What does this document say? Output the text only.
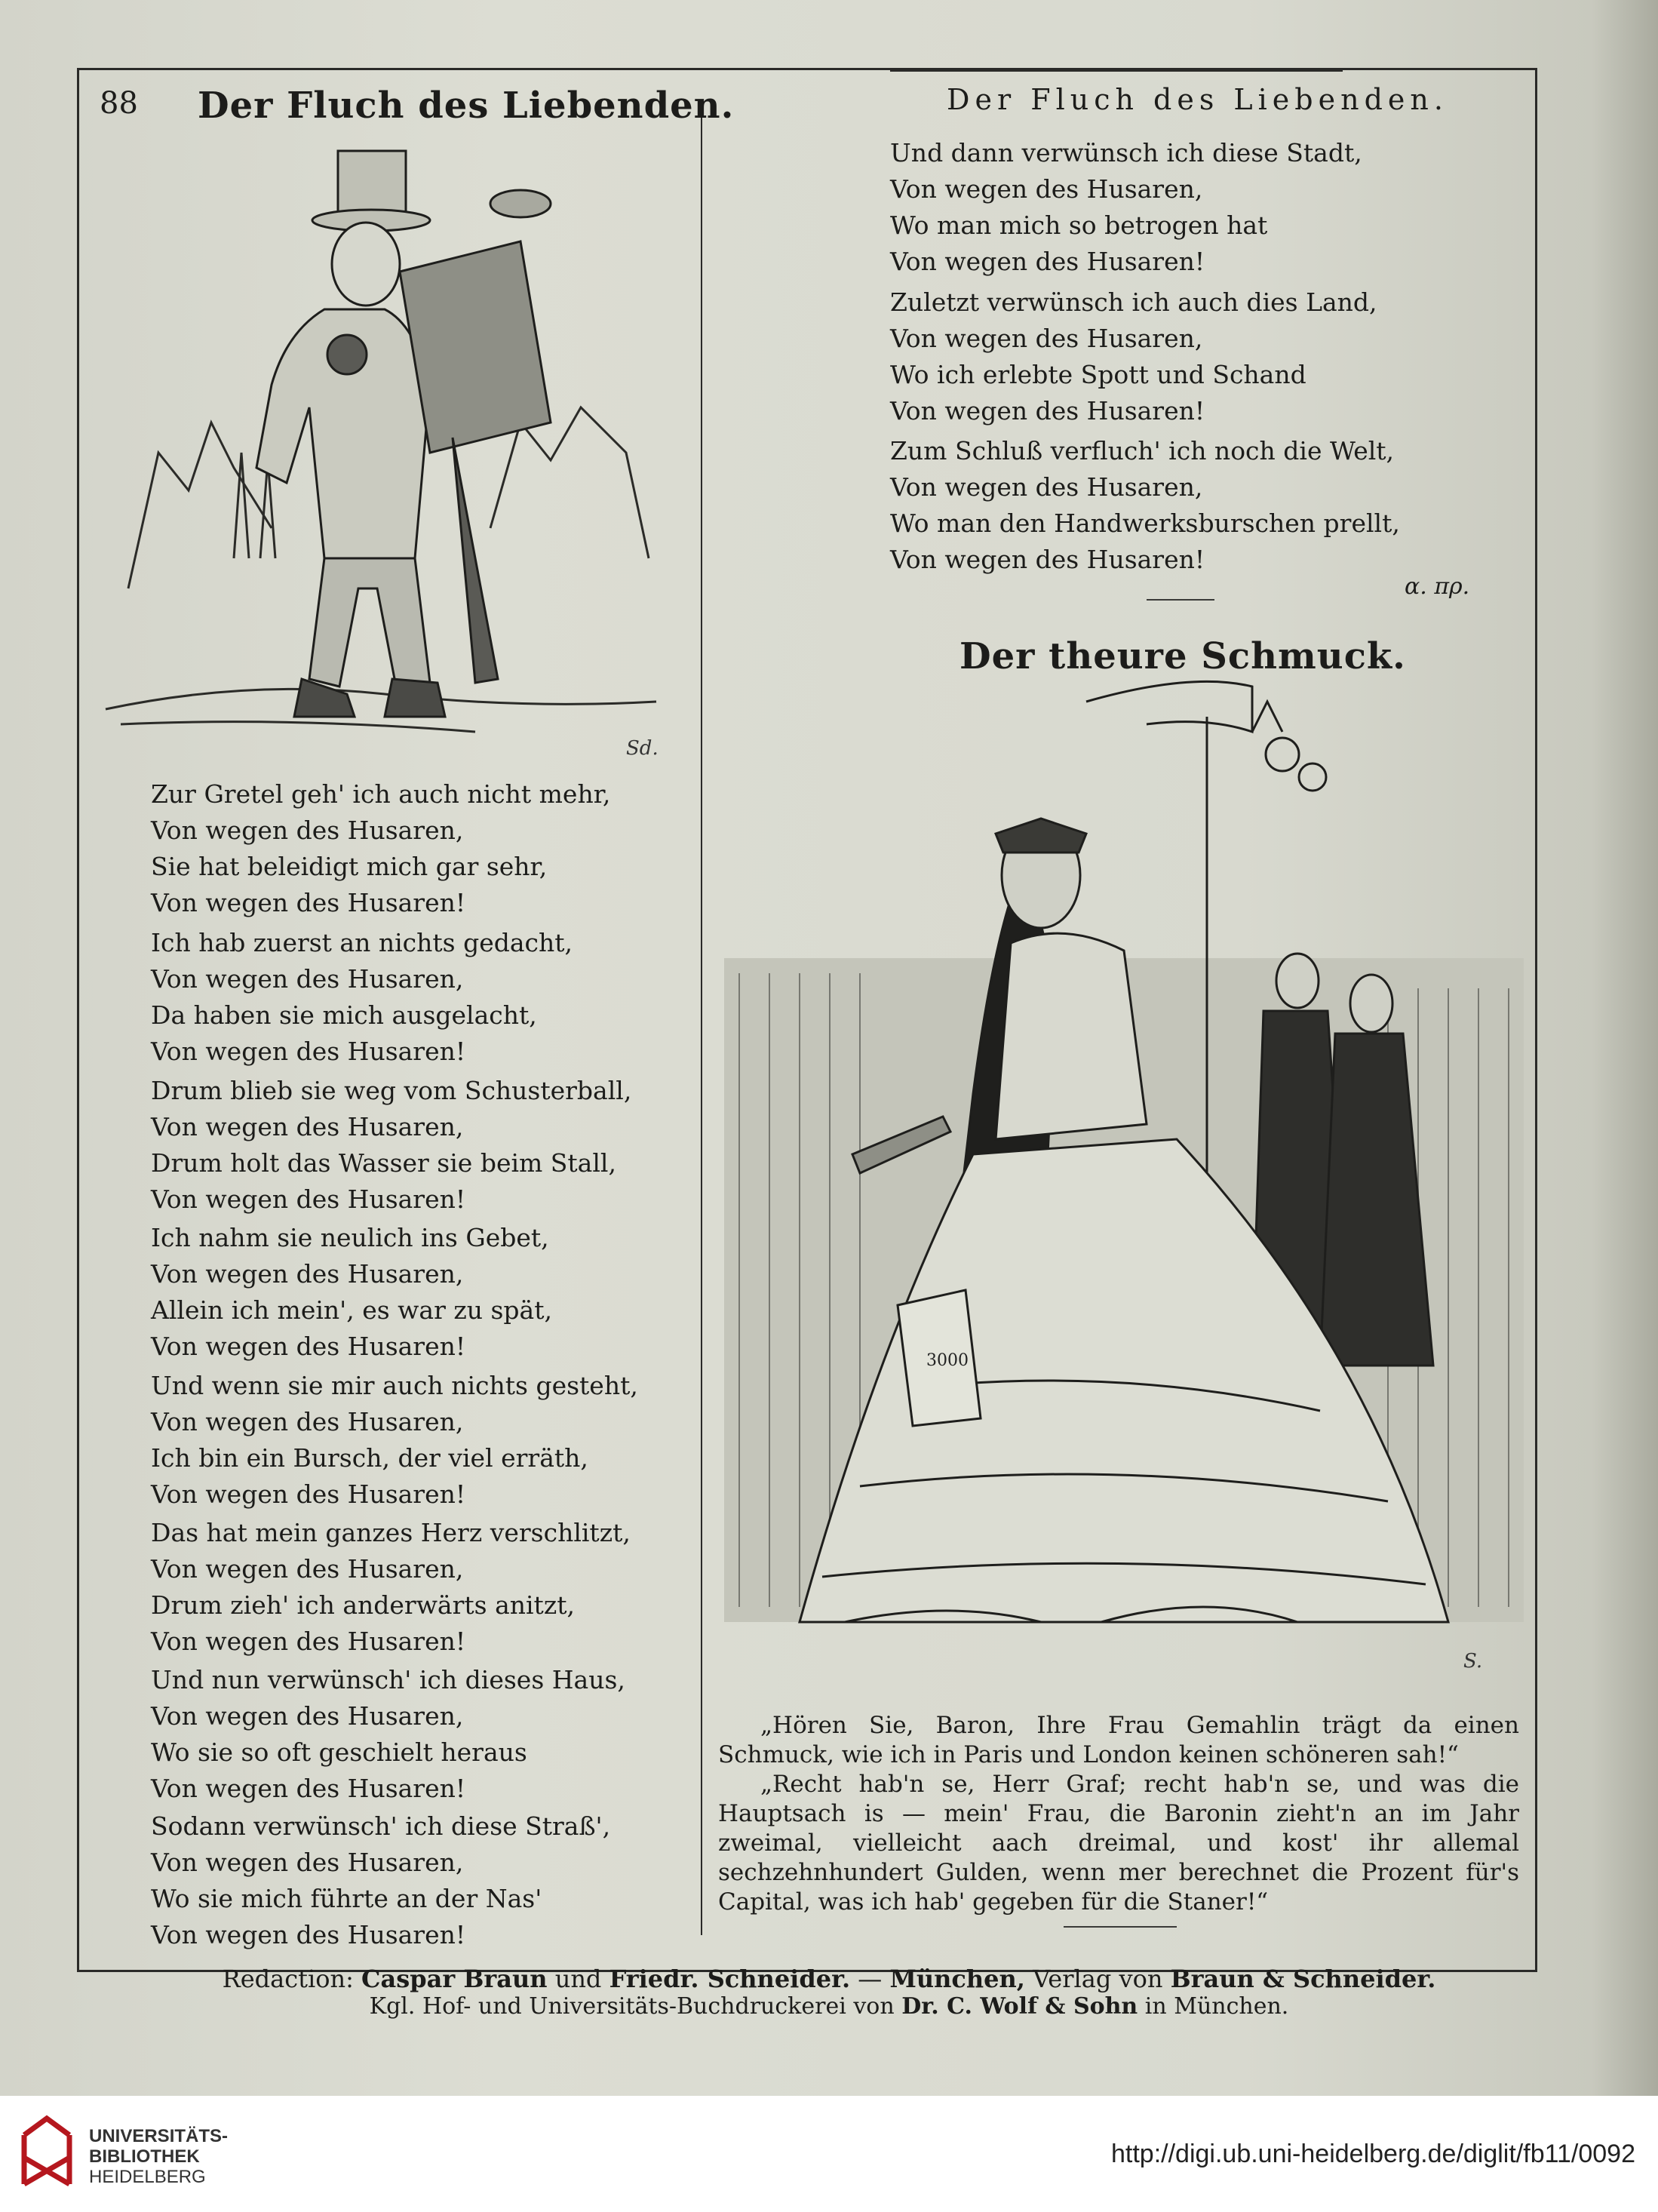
88 Der Fluch des Liebenden.	Der Fluch des Liebenden.
Sd.
Zur Gretel geh' ich auch nicht mehr,
Von wegen des Husaren,
Sie hat beleidigt mich gar sehr,
Von wegen des Husaren!
Ich hab zuerst an nichts gedacht,
Von wegen des Husaren,
Da haben sie mich ausgelacht,
Von wegen des Husaren!
Drum blieb sie weg vom Schusterball,
Von wegen des Husaren,
Drum holt das Wasser sie beim Stall,
Von wegen des Husaren!
Ich nahm sie neulich ins Gebet,
Von wegen des Husaren,
Allein ich mein', es war zu spät,
Von wegen des Husaren!
Und wenn sie mir auch nichts gesteht,
Von wegen des Husaren,
Ich bin ein Bursch, der viel erräth,
Von wegen des Husaren!
Das hat mein ganzes Herz verschlitzt,
Von wegen des Husaren,
Drum zieh' ich anderwärts anitzt,
Von wegen des Husaren!
Und nun verwünsch' ich dieses Haus,
Von wegen des Husaren,
Wo sie so oft geschielt heraus
Von wegen des Husaren!
Sodann verwünsch' ich diese Straß',
Von wegen des Husaren,
Wo sie mich führte an der Nas'
Von wegen des Husaren!
Und dann verwünsch ich diese Stadt,
Von wegen des Husaren,
Wo man mich so betrogen hat
Von wegen des Husaren!
Zuletzt verwünsch ich auch dies Land,
Von wegen des Husaren,
Wo ich erlebte Spott und Schand
Von wegen des Husaren!
Zum Schluß verfluch' ich noch die Welt,
Von wegen des Husaren,
Wo man den Handwerksburschen prellt,
Von wegen des Husaren!
α. πρ.
Der theure Schmuck.
3000
S.

„Hören Sie, Baron, Ihre Frau Gemahlin trägt da einen Schmuck, wie ich in Paris und London keinen schöneren sah!“

„Recht hab'n se, Herr Graf; recht hab'n se, und was die Hauptsach is — mein' Frau, die Baronin zieht'n an im Jahr zweimal, vielleicht aach dreimal, und kost' ihr allemal sechzehnhundert Gulden, wenn mer berechnet die Prozent für's Capital, was ich hab' gegeben für die Staner!“

Redaction: Caspar Braun und Friedr. Schneider. — München, Verlag von Braun & Schneider.
Kgl. Hof- und Universitäts-Buchdruckerei von Dr. C. Wolf & Sohn in München.
UNIVERSITÄTS-
BIBLIOTHEK
HEIDELBERG
http://digi.ub.uni-heidelberg.de/diglit/fb11/0092
